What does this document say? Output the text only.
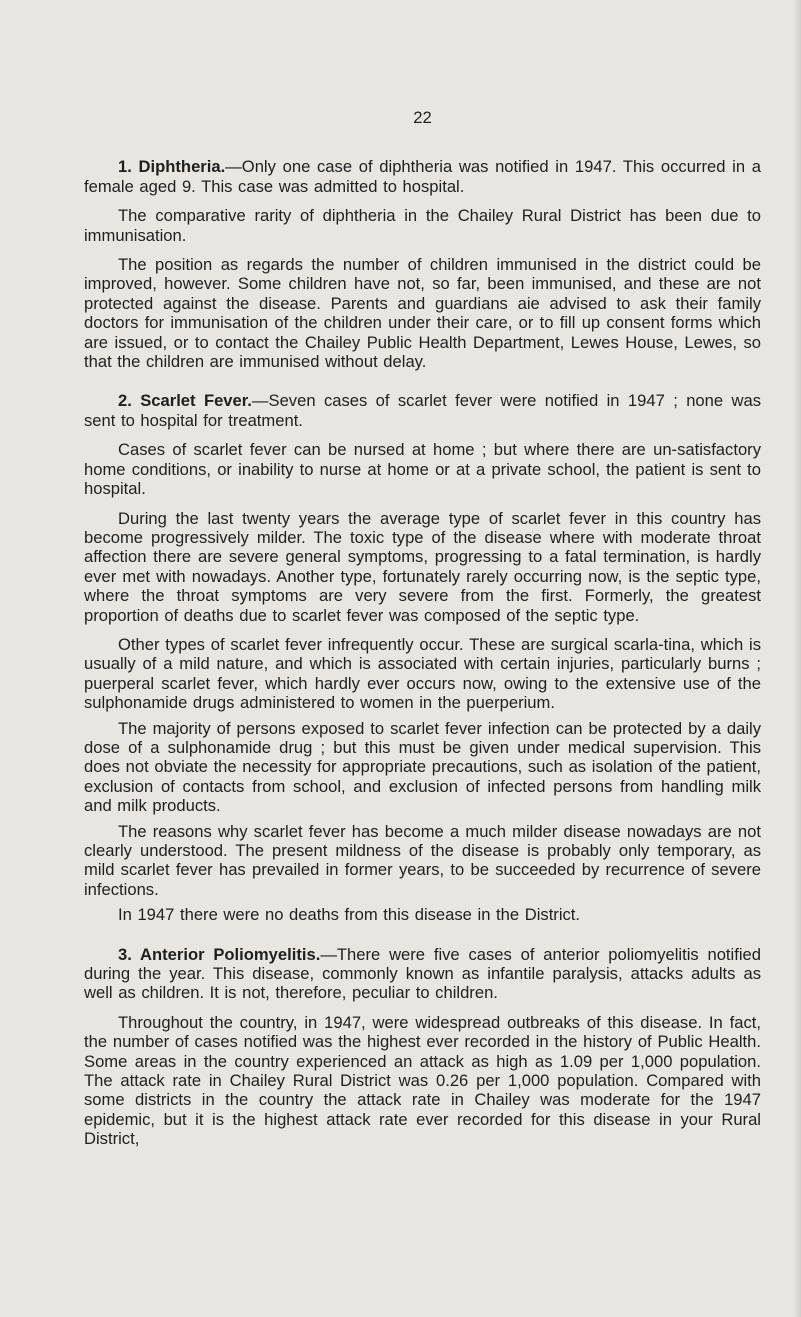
22

1. Diphtheria.—Only one case of diphtheria was notified in 1947. This occurred in a female aged 9. This case was admitted to hospital.

The comparative rarity of diphtheria in the Chailey Rural District has been due to immunisation.

The position as regards the number of children immunised in the district could be improved, however. Some children have not, so far, been immunised, and these are not protected against the disease. Parents and guardians aie advised to ask their family doctors for immunisation of the children under their care, or to fill up consent forms which are issued, or to contact the Chailey Public Health Department, Lewes House, Lewes, so that the children are immunised without delay.

2. Scarlet Fever.—Seven cases of scarlet fever were notified in 1947 ; none was sent to hospital for treatment.

Cases of scarlet fever can be nursed at home ; but where there are un-satisfactory home conditions, or inability to nurse at home or at a private school, the patient is sent to hospital.

During the last twenty years the average type of scarlet fever in this country has become progressively milder. The toxic type of the disease where with moderate throat affection there are severe general symptoms, progressing to a fatal termination, is hardly ever met with nowadays. Another type, fortunately rarely occurring now, is the septic type, where the throat symptoms are very severe from the first. Formerly, the greatest proportion of deaths due to scarlet fever was composed of the septic type.

Other types of scarlet fever infrequently occur. These are surgical scarla-tina, which is usually of a mild nature, and which is associated with certain injuries, particularly burns ; puerperal scarlet fever, which hardly ever occurs now, owing to the extensive use of the sulphonamide drugs administered to women in the puerperium.

The majority of persons exposed to scarlet fever infection can be protected by a daily dose of a sulphonamide drug ; but this must be given under medical supervision. This does not obviate the necessity for appropriate precautions, such as isolation of the patient, exclusion of contacts from school, and exclusion of infected persons from handling milk and milk products.

The reasons why scarlet fever has become a much milder disease nowadays are not clearly understood. The present mildness of the disease is probably only temporary, as mild scarlet fever has prevailed in former years, to be succeeded by recurrence of severe infections.

In 1947 there were no deaths from this disease in the District.

3. Anterior Poliomyelitis.—There were five cases of anterior poliomyelitis notified during the year. This disease, commonly known as infantile paralysis, attacks adults as well as children. It is not, therefore, peculiar to children.

Throughout the country, in 1947, were widespread outbreaks of this disease. In fact, the number of cases notified was the highest ever recorded in the history of Public Health. Some areas in the country experienced an attack as high as 1.09 per 1,000 population. The attack rate in Chailey Rural District was 0.26 per 1,000 population. Compared with some districts in the country the attack rate in Chailey was moderate for the 1947 epidemic, but it is the highest attack rate ever recorded for this disease in your Rural District,
